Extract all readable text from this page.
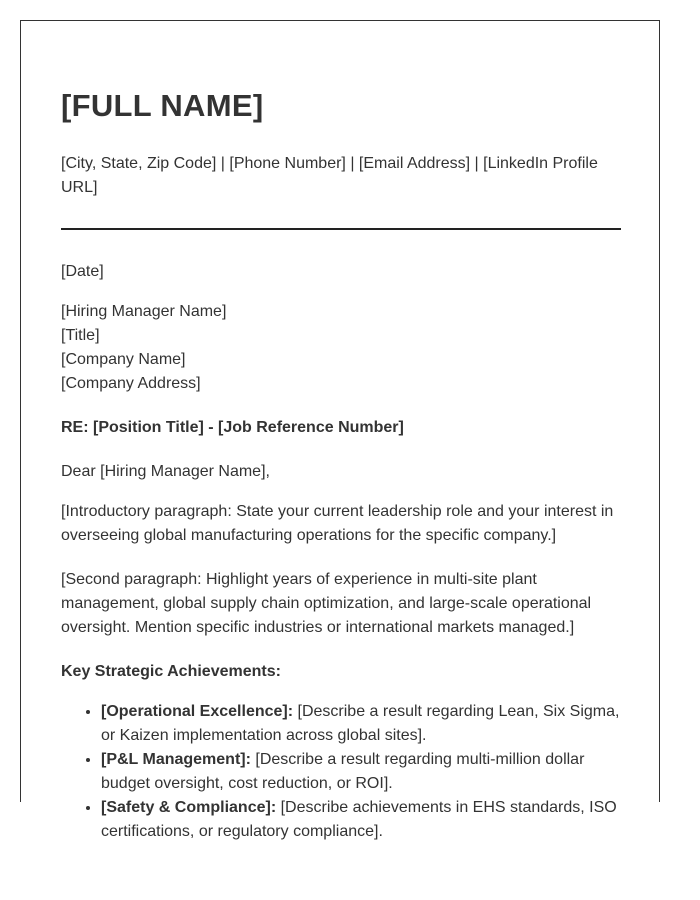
[FULL NAME]
[City, State, Zip Code] | [Phone Number] | [Email Address] | [LinkedIn Profile URL]

[Date]

[Hiring Manager Name]
[Title]
[Company Name]
[Company Address]

RE: [Position Title] - [Job Reference Number]

Dear [Hiring Manager Name],

[Introductory paragraph: State your current leadership role and your interest in overseeing global manufacturing operations for the specific company.]

[Second paragraph: Highlight years of experience in multi-site plant management, global supply chain optimization, and large-scale operational oversight. Mention specific industries or international markets managed.]

Key Strategic Achievements:

• [Operational Excellence]: [Describe a result regarding Lean, Six Sigma, or Kaizen implementation across global sites].
• [P&L Management]: [Describe a result regarding multi-million dollar budget oversight, cost reduction, or ROI].
• [Safety & Compliance]: [Describe achievements in EHS standards, ISO certifications, or regulatory compliance].
